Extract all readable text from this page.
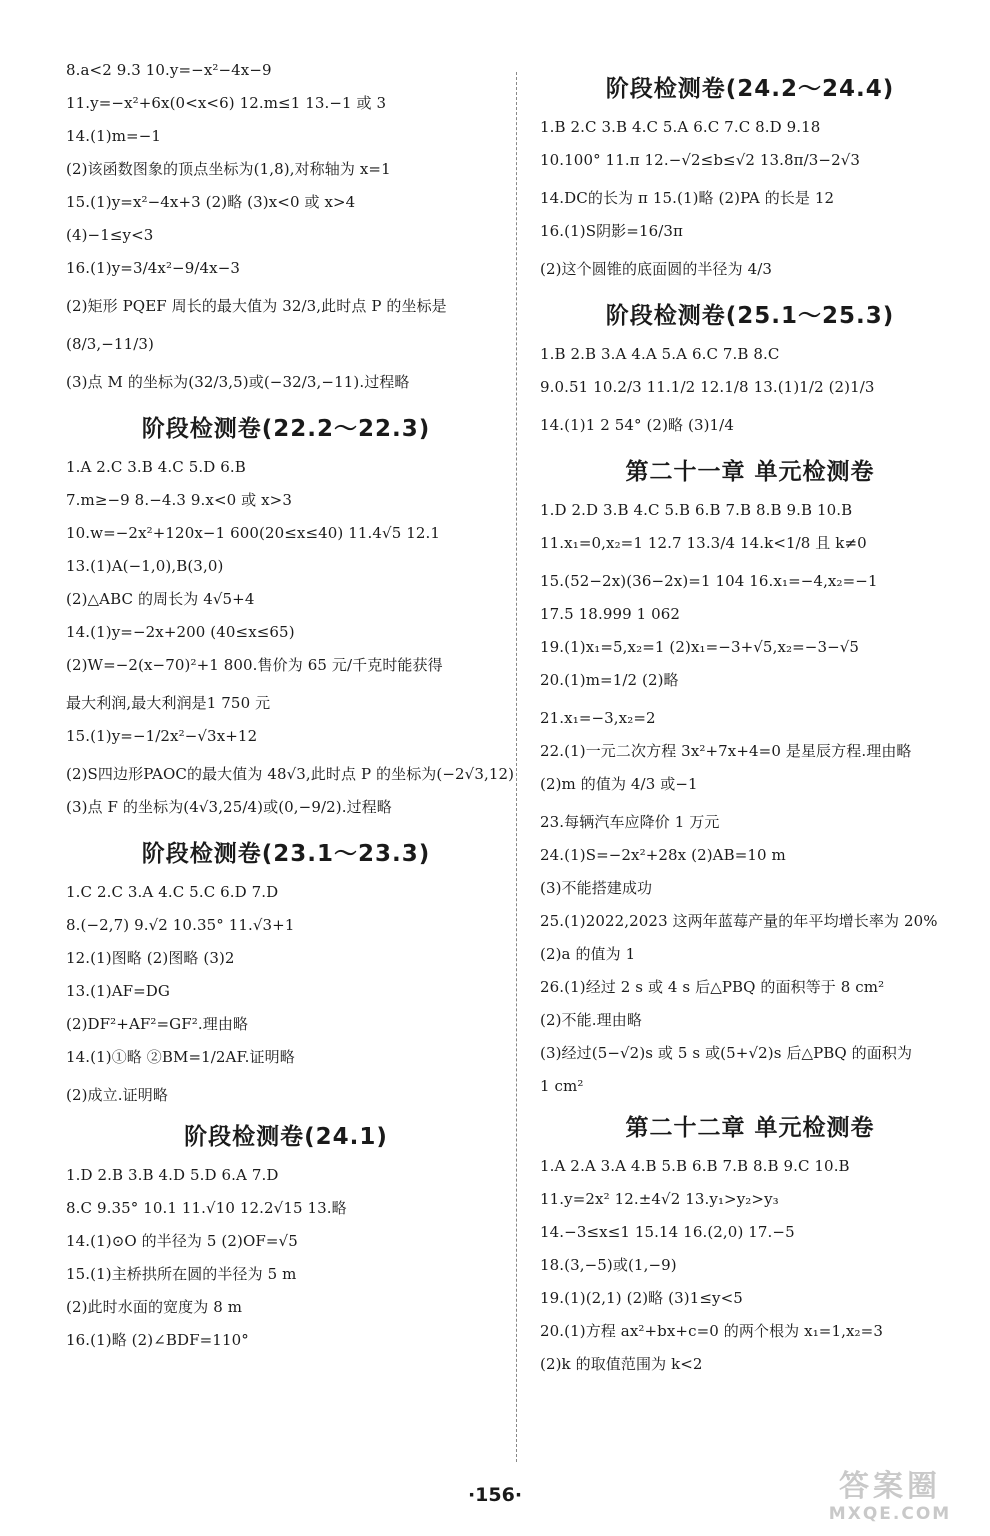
8.a<2 9.3 10.y=−x²−4x−9
11.y=−x²+6x(0<x<6) 12.m≤1 13.−1 或 3
14.(1)m=−1
(2)该函数图象的顶点坐标为(1,8),对称轴为 x=1
15.(1)y=x²−4x+3 (2)略 (3)x<0 或 x>4
(4)−1≤y<3
16.(1)y=3/4x²−9/4x−3
(2)矩形 PQEF 周长的最大值为 32/3,此时点 P 的坐标是
(8/3,−11/3)
(3)点 M 的坐标为(32/3,5)或(−32/3,−11).过程略
阶段检测卷(22.2～22.3)
1.A 2.C 3.B 4.C 5.D 6.B
7.m≥−9 8.−4.3 9.x<0 或 x>3
10.w=−2x²+120x−1 600(20≤x≤40) 11.4√5 12.1
13.(1)A(−1,0),B(3,0)
(2)△ABC 的周长为 4√5+4
14.(1)y=−2x+200 (40≤x≤65)
(2)W=−2(x−70)²+1 800.售价为 65 元/千克时能获得
最大利润,最大利润是1 750 元
15.(1)y=−1/2x²−√3x+12
(2)S四边形PAOC的最大值为 48√3,此时点 P 的坐标为(−2√3,12)
(3)点 F 的坐标为(4√3,25/4)或(0,−9/2).过程略
阶段检测卷(23.1～23.3)
1.C 2.C 3.A 4.C 5.C 6.D 7.D
8.(−2,7) 9.√2 10.35° 11.√3+1
12.(1)图略 (2)图略 (3)2
13.(1)AF=DG
(2)DF²+AF²=GF².理由略
14.(1)①略 ②BM=1/2AF.证明略
(2)成立.证明略
阶段检测卷(24.1)
1.D 2.B 3.B 4.D 5.D 6.A 7.D
8.C 9.35° 10.1 11.√10 12.2√15 13.略
14.(1)⊙O 的半径为 5 (2)OF=√5
15.(1)主桥拱所在圆的半径为 5 m
(2)此时水面的宽度为 8 m
16.(1)略 (2)∠BDF=110°
阶段检测卷(24.2～24.4)
1.B 2.C 3.B 4.C 5.A 6.C 7.C 8.D 9.18
10.100° 11.π 12.−√2≤b≤√2 13.8π/3−2√3
14.DC的长为 π 15.(1)略 (2)PA 的长是 12
16.(1)S阴影=16/3π
(2)这个圆锥的底面圆的半径为 4/3
阶段检测卷(25.1～25.3)
1.B 2.B 3.A 4.A 5.A 6.C 7.B 8.C
9.0.51 10.2/3 11.1/2 12.1/8 13.(1)1/2 (2)1/3
14.(1)1 2 54° (2)略 (3)1/4
第二十一章 单元检测卷
1.D 2.D 3.B 4.C 5.B 6.B 7.B 8.B 9.B 10.B
11.x₁=0,x₂=1 12.7 13.3/4 14.k<1/8 且 k≠0
15.(52−2x)(36−2x)=1 104 16.x₁=−4,x₂=−1
17.5 18.999 1 062
19.(1)x₁=5,x₂=1 (2)x₁=−3+√5,x₂=−3−√5
20.(1)m=1/2 (2)略
21.x₁=−3,x₂=2
22.(1)一元二次方程 3x²+7x+4=0 是星辰方程.理由略
(2)m 的值为 4/3 或−1
23.每辆汽车应降价 1 万元
24.(1)S=−2x²+28x (2)AB=10 m
(3)不能搭建成功
25.(1)2022,2023 这两年蓝莓产量的年平均增长率为 20%
(2)a 的值为 1
26.(1)经过 2 s 或 4 s 后△PBQ 的面积等于 8 cm²
(2)不能.理由略
(3)经过(5−√2)s 或 5 s 或(5+√2)s 后△PBQ 的面积为
1 cm²
第二十二章 单元检测卷
1.A 2.A 3.A 4.B 5.B 6.B 7.B 8.B 9.C 10.B
11.y=2x² 12.±4√2 13.y₁>y₂>y₃
14.−3≤x≤1 15.14 16.(2,0) 17.−5
18.(3,−5)或(1,−9)
19.(1)(2,1) (2)略 (3)1≤y<5
20.(1)方程 ax²+bx+c=0 的两个根为 x₁=1,x₂=3
(2)k 的取值范围为 k<2
·156·	答案圈
MXQE.COM
